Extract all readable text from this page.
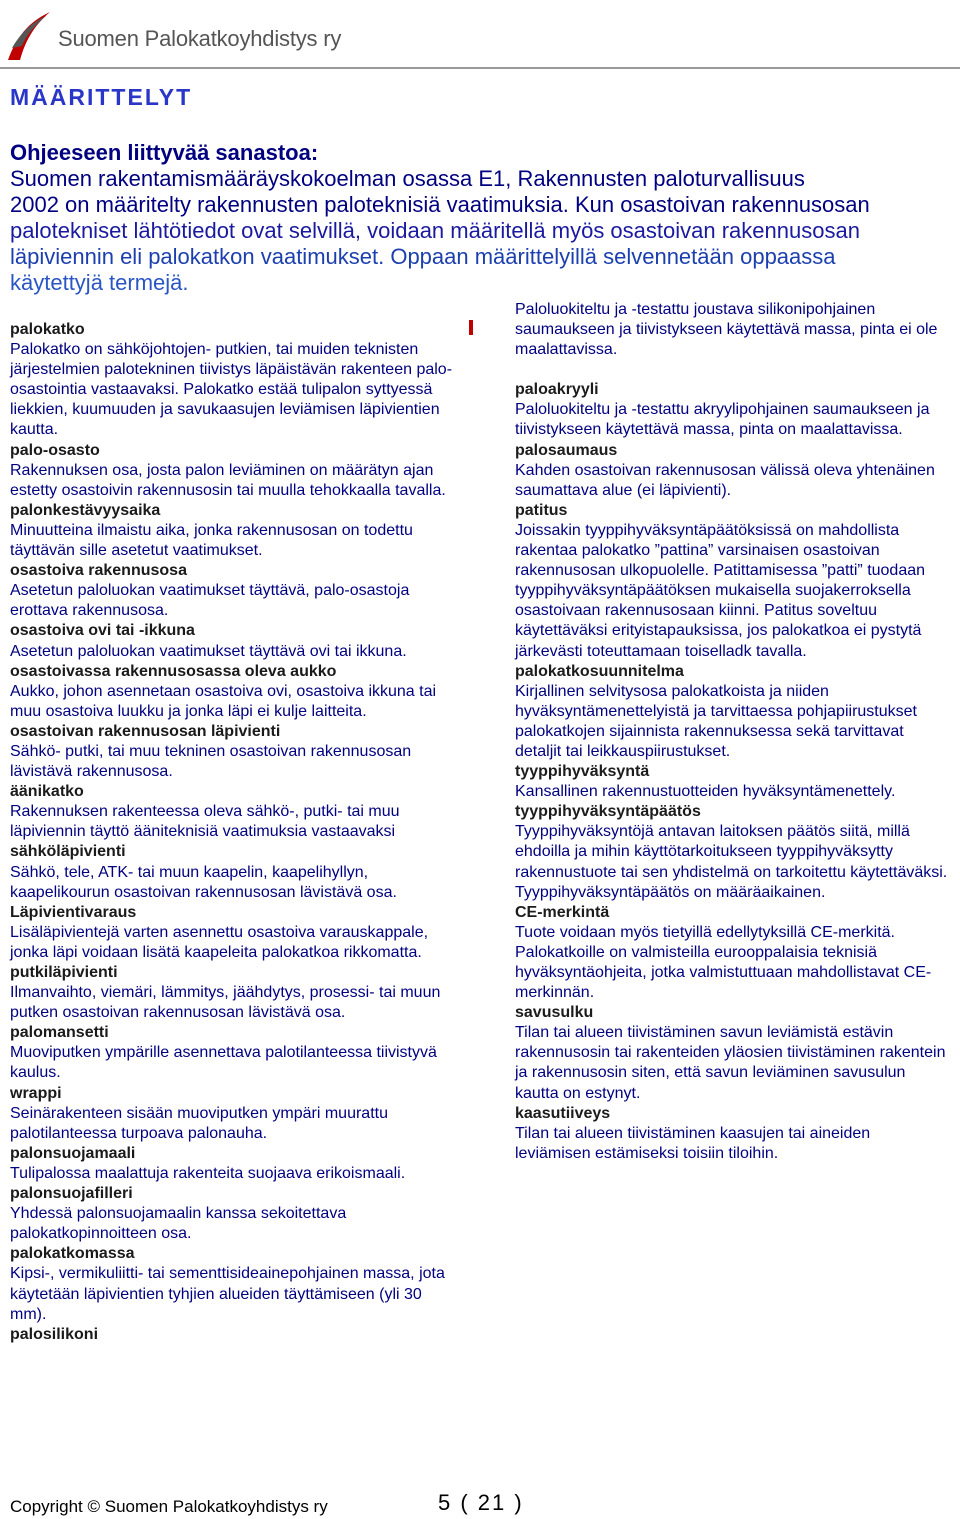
Suomen Palokatkoyhdistys ry
MÄÄRITTELYT
Ohjeeseen liittyvää sanastoa:
Suomen rakentamismääräyskokoelman osassa E1, Rakennusten paloturvallisuus
2002 on määritelty rakennusten paloteknisiä vaatimuksia. Kun osastoivan rakennusosan
palotekniset lähtötiedot ovat selvillä, voidaan määritellä myös osastoivan rakennusosan
läpiviennin eli palokatkon vaatimukset. Oppaan määrittelyillä selvennetään oppaassa
käytettyjä termejä.
palokatko
Palokatko on sähköjohtojen- putkien, tai muiden teknisten järjestelmien palotekninen tiivistys läpäistävän rakenteen palo-osastointia vastaavaksi. Palokatko estää tulipalon syttyessä liekkien, kuumuuden ja savukaasujen leviämisen läpivientien kautta.
palo-osasto
Rakennuksen osa, josta palon leviäminen on määrätyn ajan estetty osastoivin rakennusosin tai muulla tehokkaalla tavalla.
palonkestävyysaika
Minuutteina ilmaistu aika, jonka rakennusosan on todettu täyttävän sille asetetut vaatimukset.
osastoiva rakennusosa
Asetetun paloluokan vaatimukset täyttävä, palo-osastoja erottava rakennusosa.
osastoiva ovi tai -ikkuna
Asetetun paloluokan vaatimukset täyttävä ovi tai ikkuna.
osastoivassa rakennusosassa oleva aukko
Aukko, johon asennetaan osastoiva ovi, osastoiva ikkuna tai muu osastoiva luukku ja jonka läpi ei kulje laitteita.
osastoivan rakennusosan läpivienti
Sähkö- putki, tai muu tekninen osastoivan rakennusosan lävistävä rakennusosa.
äänikatko
Rakennuksen rakenteessa oleva sähkö-, putki- tai muu läpiviennin täyttö ääniteknisiä vaatimuksia vastaavaksi
sähköläpivienti
Sähkö, tele, ATK- tai muun kaapelin, kaapelihyllyn, kaapelikourun osastoivan rakennusosan lävistävä osa.
Läpivientivaraus
Lisäläpivientejä varten asennettu osastoiva varauskappale, jonka läpi voidaan lisätä kaapeleita palokatkoa rikkomatta.
putkiläpivienti
Ilmanvaihto, viemäri, lämmitys, jäähdytys, prosessi- tai muun putken osastoivan rakennusosan lävistävä osa.
palomansetti
Muoviputken ympärille asennettava palotilanteessa tiivistyvä kaulus.
wrappi
Seinärakenteen sisään muoviputken ympäri muurattu palotilanteessa turpoava palonauha.
palonsuojamaali
Tulipalossa maalattuja rakenteita suojaava erikoismaali.
palonsuojafilleri
Yhdessä palonsuojamaalin kanssa sekoitettava palokatkopinnoitteen osa.
palokatkomassa
Kipsi-, vermikuliitti- tai sementtisideainepohjainen massa, jota käytetään läpivientien tyhjien alueiden täyttämiseen (yli 30 mm).
palosilikoni
Paloluokiteltu ja -testattu joustava silikonipohjainen saumaukseen ja tiivistykseen käytettävä massa, pinta ei ole maalattavissa.
paloakryyli
Paloluokiteltu ja -testattu akryylipohjainen saumaukseen ja tiivistykseen käytettävä massa, pinta on maalattavissa.
palosaumaus
Kahden osastoivan rakennusosan välissä oleva yhtenäinen saumattava alue (ei läpivienti).
patitus
Joissakin tyyppihyväksyntäpäätöksissä on mahdollista rakentaa palokatko ”pattina” varsinaisen osastoivan rakennusosan ulkopuolelle. Patittamisessa ”patti” tuodaan tyyppihyväksyntäpäätöksen mukaisella suojakerroksella osastoivaan rakennusosaan kiinni. Patitus soveltuu käytettäväksi erityistapauksissa, jos palokatkoa ei pystytä järkevästi toteuttamaan toiselladk tavalla.
palokatkosuunnitelma
Kirjallinen selvitysosa palokatkoista ja niiden hyväksyntämenettelyistä ja tarvittaessa pohjapiirustukset palokatkojen sijainnista rakennuksessa sekä tarvittavat detaljit tai leikkauspiirustukset.
tyyppihyväksyntä
Kansallinen rakennustuotteiden hyväksyntämenettely.
tyyppihyväksyntäpäätös
Tyyppihyväksyntöjä antavan laitoksen päätös siitä, millä ehdoilla ja mihin käyttötarkoitukseen tyyppihyväksytty rakennustuote tai sen yhdistelmä on tarkoitettu käytettäväksi. Tyyppihyväksyntäpäätös on määräaikainen.
CE-merkintä
Tuote voidaan myös tietyillä edellytyksillä CE-merkitä. Palokatkoille on valmisteilla eurooppalaisia teknisiä hyväksyntäohjeita, jotka valmistuttuaan mahdollistavat CE-merkinnän.
savusulku
Tilan tai alueen tiivistäminen savun leviämistä estävin rakennusosin tai rakenteiden yläosien tiivistäminen rakentein ja rakennusosin siten, että savun leviäminen savusulun kautta on estynyt.
kaasutiiveys
Tilan tai alueen tiivistäminen kaasujen tai aineiden leviämisen estämiseksi toisiin tiloihin.
Copyright © Suomen Palokatkoyhdistys ry	5 ( 21 )
